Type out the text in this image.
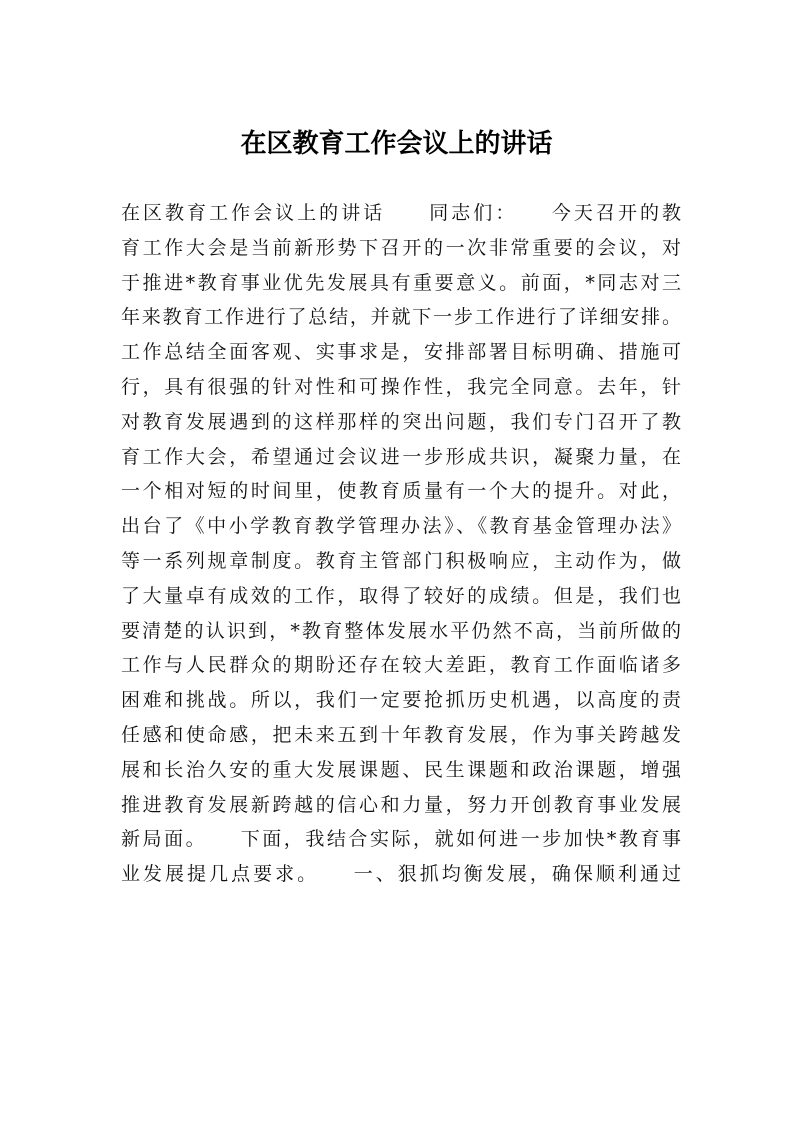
在区教育工作会议上的讲话
在区教育工作会议上的讲话　　同志们：　　今天召开的教
育工作大会是当前新形势下召开的一次非常重要的会议，对
于推进*教育事业优先发展具有重要意义。前面，*同志对三
年来教育工作进行了总结，并就下一步工作进行了详细安排。
工作总结全面客观、实事求是，安排部署目标明确、措施可
行，具有很强的针对性和可操作性，我完全同意。去年，针
对教育发展遇到的这样那样的突出问题，我们专门召开了教
育工作大会，希望通过会议进一步形成共识，凝聚力量，在
一个相对短的时间里，使教育质量有一个大的提升。对此，
出台了《中小学教育教学管理办法》、《教育基金管理办法》
等一系列规章制度。教育主管部门积极响应，主动作为，做
了大量卓有成效的工作，取得了较好的成绩。但是，我们也
要清楚的认识到，*教育整体发展水平仍然不高，当前所做的
工作与人民群众的期盼还存在较大差距，教育工作面临诸多
困难和挑战。所以，我们一定要抢抓历史机遇，以高度的责
任感和使命感，把未来五到十年教育发展，作为事关跨越发
展和长治久安的重大发展课题、民生课题和政治课题，增强
推进教育发展新跨越的信心和力量，努力开创教育事业发展
新局面。　　下面，我结合实际，就如何进一步加快*教育事
业发展提几点要求。　　一、狠抓均衡发展，确保顺利通过
